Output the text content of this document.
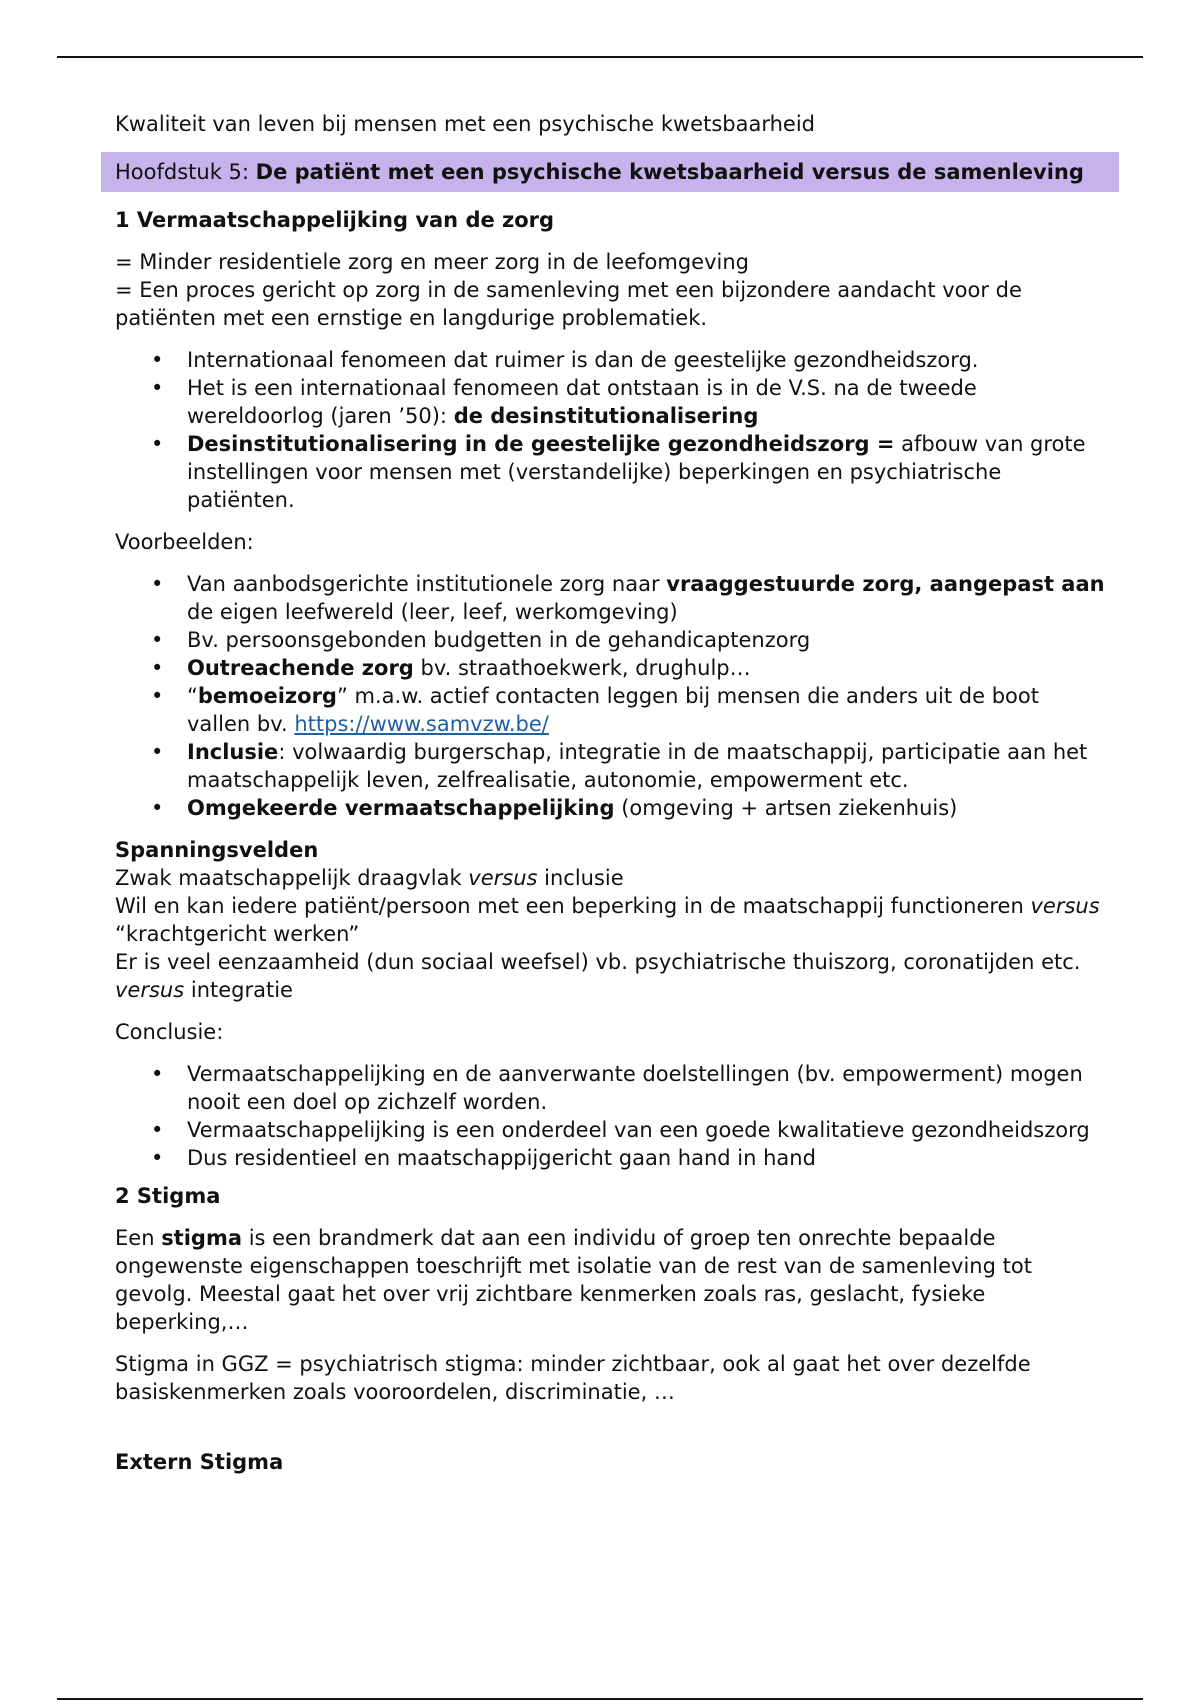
Kwaliteit van leven bij mensen met een psychische kwetsbaarheid

Hoofdstuk 5: De patiënt met een psychische kwetsbaarheid versus de samenleving
1 Vermaatschappelijking van de zorg

= Minder residentiele zorg en meer zorg in de leefomgeving
= Een proces gericht op zorg in de samenleving met een bijzondere aandacht voor de patiënten met een ernstige en langdurige problematiek.

• Internationaal fenomeen dat ruimer is dan de geestelijke gezondheidszorg.
• Het is een internationaal fenomeen dat ontstaan is in de V.S. na de tweede wereldoorlog (jaren ’50): de desinstitutionalisering
• Desinstitutionalisering in de geestelijke gezondheidszorg = afbouw van grote instellingen voor mensen met (verstandelijke) beperkingen en psychiatrische patiënten.

Voorbeelden:

• Van aanbodsgerichte institutionele zorg naar vraaggestuurde zorg, aangepast aan de eigen leefwereld (leer, leef, werkomgeving)
• Bv. persoonsgebonden budgetten in de gehandicaptenzorg
• Outreachende zorg bv. straathoekwerk, drughulp…
• “bemoeizorg” m.a.w. actief contacten leggen bij mensen die anders uit de boot vallen bv. https://www.samvzw.be/
• Inclusie: volwaardig burgerschap, integratie in de maatschappij, participatie aan het maatschappelijk leven, zelfrealisatie, autonomie, empowerment etc.
• Omgekeerde vermaatschappelijking (omgeving + artsen ziekenhuis)

Spanningsvelden
Zwak maatschappelijk draagvlak versus inclusie
Wil en kan iedere patiënt/persoon met een beperking in de maatschappij functioneren versus “krachtgericht werken”
Er is veel eenzaamheid (dun sociaal weefsel) vb. psychiatrische thuiszorg, coronatijden etc. versus integratie

Conclusie:

• Vermaatschappelijking en de aanverwante doelstellingen (bv. empowerment) mogen nooit een doel op zichzelf worden.
• Vermaatschappelijking is een onderdeel van een goede kwalitatieve gezondheidszorg
• Dus residentieel en maatschappijgericht gaan hand in hand
2 Stigma

Een stigma is een brandmerk dat aan een individu of groep ten onrechte bepaalde ongewenste eigenschappen toeschrijft met isolatie van de rest van de samenleving tot gevolg. Meestal gaat het over vrij zichtbare kenmerken zoals ras, geslacht, fysieke beperking,…

Stigma in GGZ = psychiatrisch stigma: minder zichtbaar, ook al gaat het over dezelfde basiskenmerken zoals vooroordelen, discriminatie, …

Extern Stigma
